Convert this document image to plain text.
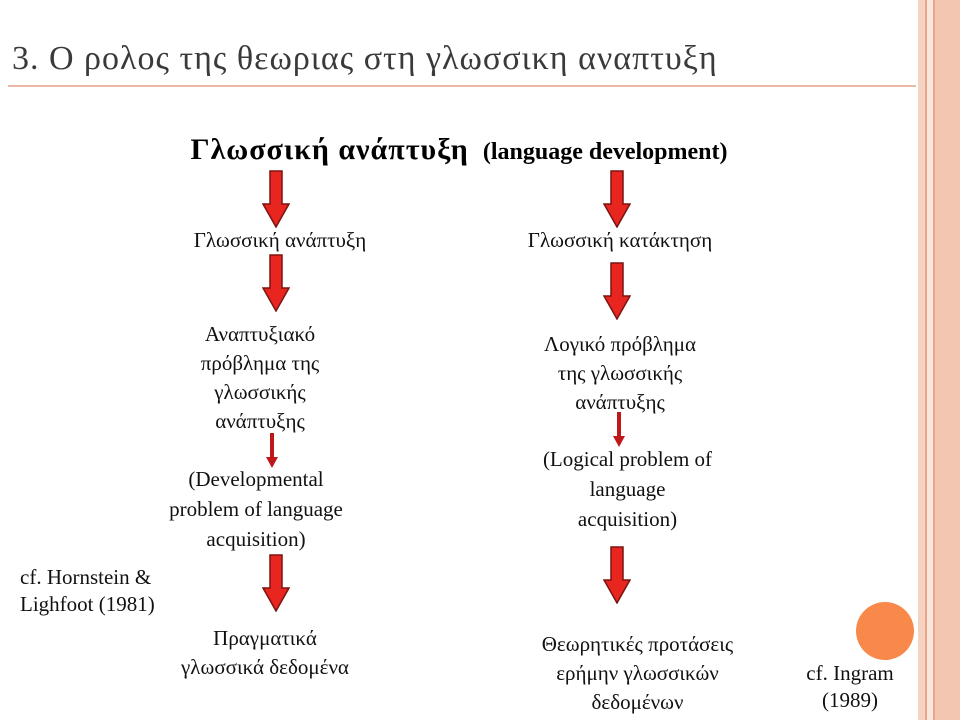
3. Ο ρολος της θεωριας στη γλωσσικη αναπτυξη
Γλωσσική ανάπτυξη (language development)
Γλωσσική ανάπτυξη
Αναπτυξιακό
πρόβλημα της
γλωσσικής
ανάπτυξης
(Developmental
problem of language
acquisition)
Πραγματικά
γλωσσικά δεδομένα
cf. Hornstein &
Lighfoot (1981)
Γλωσσική κατάκτηση
Λογικό πρόβλημα
της γλωσσικής
ανάπτυξης
(Logical problem of
language
acquisition)
Θεωρητικές προτάσεις
ερήμην γλωσσικών
δεδομένων
cf. Ingram
(1989)
